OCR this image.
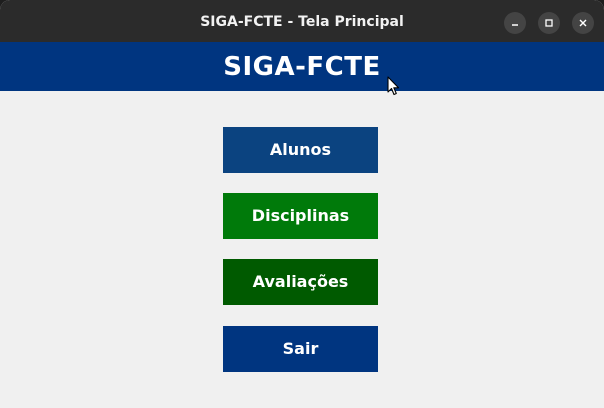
SIGA-FCTE - Tela Principal
SIGA-FCTE
Alunos
Disciplinas
Avaliações
Sair
